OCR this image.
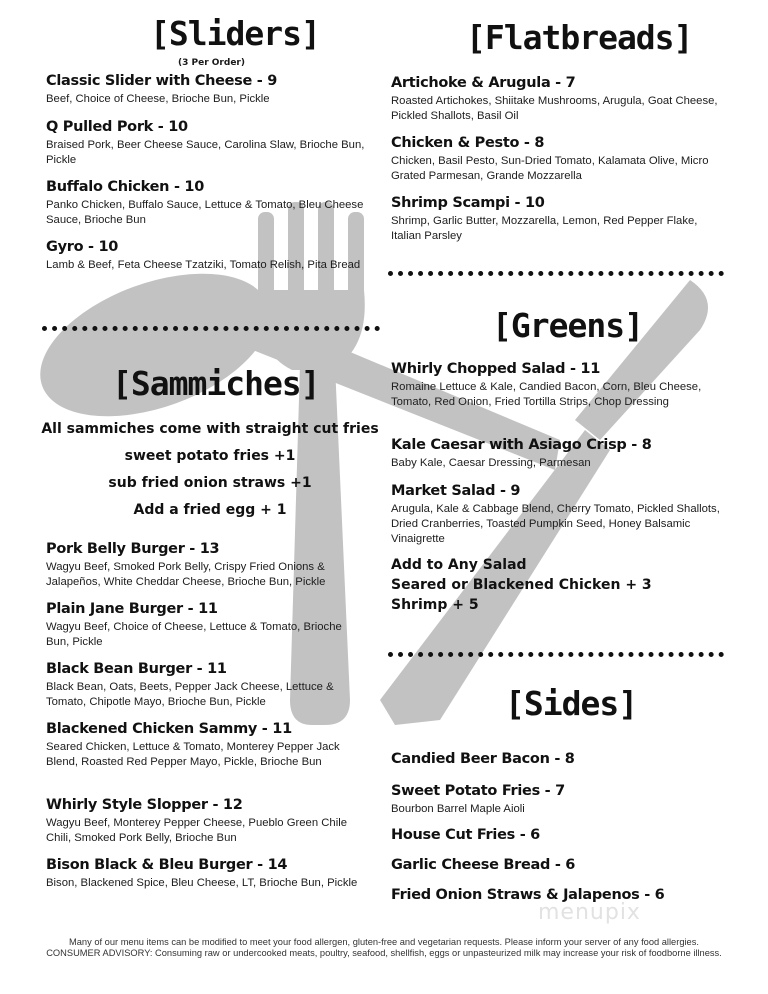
[Sliders]
(3 Per Order)
Classic Slider with Cheese - 9
Beef, Choice of Cheese, Brioche Bun, Pickle
Q Pulled Pork - 10
Braised Pork, Beer Cheese Sauce, Carolina Slaw, Brioche Bun, Pickle
Buffalo Chicken - 10
Panko Chicken, Buffalo Sauce, Lettuce & Tomato, Bleu Cheese Sauce, Brioche Bun
Gyro - 10
Lamb & Beef, Feta Cheese Tzatziki, Tomato Relish, Pita Bread
[Flatbreads]
Artichoke & Arugula - 7
Roasted Artichokes, Shiitake Mushrooms, Arugula, Goat Cheese, Pickled Shallots, Basil Oil
Chicken & Pesto - 8
Chicken, Basil Pesto, Sun-Dried Tomato, Kalamata Olive, Micro Grated Parmesan, Grande Mozzarella
Shrimp Scampi - 10
Shrimp, Garlic Butter, Mozzarella, Lemon, Red Pepper Flake, Italian Parsley
[Greens]
Whirly Chopped Salad - 11
Romaine Lettuce & Kale, Candied Bacon, Corn, Bleu Cheese, Tomato, Red Onion, Fried Tortilla Strips, Chop Dressing
Kale Caesar with Asiago Crisp - 8
Baby Kale, Caesar Dressing, Parmesan
Market Salad - 9
Arugula, Kale & Cabbage Blend, Cherry Tomato, Pickled Shallots, Dried Cranberries, Toasted Pumpkin Seed, Honey Balsamic Vinaigrette
Add to Any Salad
Seared or Blackened Chicken + 3
Shrimp + 5
[Sammiches]
All sammiches come with straight cut fries
sweet potato fries +1
sub fried onion straws +1
Add a fried egg + 1
Pork Belly Burger - 13
Wagyu Beef, Smoked Pork Belly, Crispy Fried Onions & Jalapeños, White Cheddar Cheese, Brioche Bun, Pickle
Plain Jane Burger - 11
Wagyu Beef, Choice of Cheese, Lettuce & Tomato, Brioche Bun, Pickle
Black Bean Burger - 11
Black Bean, Oats, Beets, Pepper Jack Cheese, Lettuce & Tomato, Chipotle Mayo, Brioche Bun, Pickle
Blackened Chicken Sammy - 11
Seared Chicken, Lettuce & Tomato, Monterey Pepper Jack Blend, Roasted Red Pepper Mayo, Pickle, Brioche Bun
Whirly Style Slopper - 12
Wagyu Beef, Monterey Pepper Cheese, Pueblo Green Chile Chili, Smoked Pork Belly, Brioche Bun
Bison Black & Bleu Burger - 14
Bison, Blackened Spice, Bleu Cheese, LT, Brioche Bun, Pickle
[Sides]
Candied Beer Bacon - 8
Sweet Potato Fries - 7
Bourbon Barrel Maple Aioli
House Cut Fries - 6
Garlic Cheese Bread - 6
Fried Onion Straws & Jalapenos - 6
menupix
Many of our menu items can be modified to meet your food allergen, gluten-free and vegetarian requests. Please inform your server of any food allergies.
CONSUMER ADVISORY: Consuming raw or undercooked meats, poultry, seafood, shellfish, eggs or unpasteurized milk may increase your risk of foodborne illness.
